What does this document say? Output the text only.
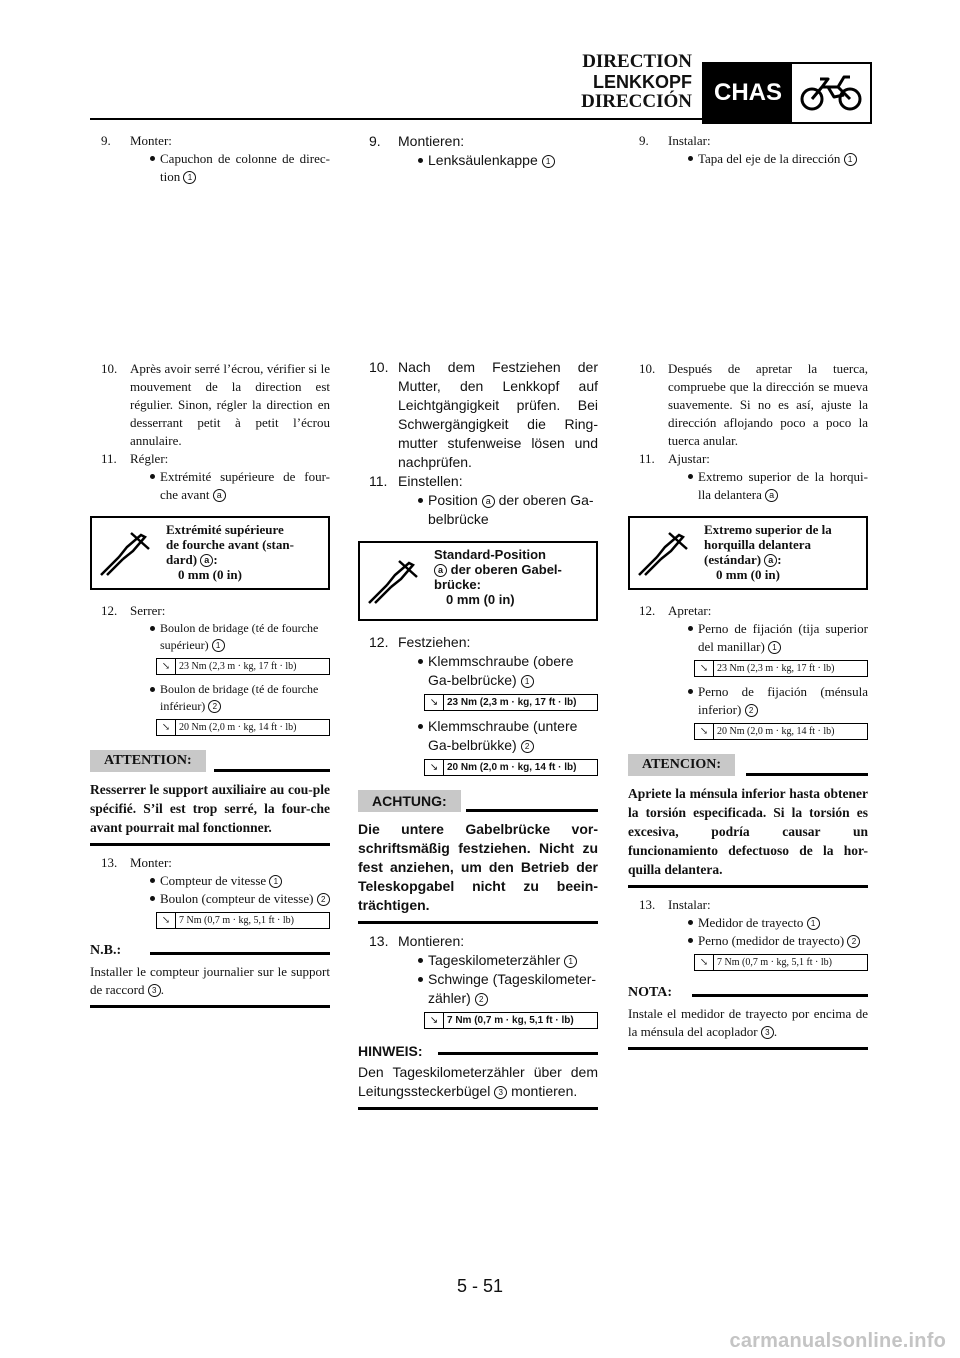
DIRECTION
LENKKOPF
DIRECCIÓN CHAS
9. Monter:
Capuchon de colonne de direc-tion 1
10. Après avoir serré l’écrou, vérifier si le mouvement de la direction est régulier. Sinon, régler la direction en desserrant petit à petit l’écrou annulaire.
11. Régler:
Extrémité supérieure de four-che avant a
Extrémité supérieure
de fourche avant (stan-
dard) a :
0 mm (0 in)
12. Serrer:
Boulon de bridage (té de fourche supérieur) 1
↘ 23 Nm (2,3 m · kg, 17 ft · lb)
Boulon de bridage (té de fourche inférieur) 2
↘ 20 Nm (2,0 m · kg, 14 ft · lb)
ATTENTION:
Resserrer le support auxiliaire au cou-ple spécifié. S’il est trop serré, la four-che avant pourrait mal fonctionner.
13. Monter:
Compteur de vitesse 1
Boulon (compteur de vitesse) 2
↘ 7 Nm (0,7 m · kg, 5,1 ft · lb)
N.B.:
Installer le compteur journalier sur le support de raccord 3 .
9. Montieren:
Lenksäulenkappe 1
10. Nach dem Festziehen der Mutter, den Lenkkopf auf Leichtgängigkeit prüfen. Bei Schwergängigkeit die Ring-mutter stufenweise lösen und nachprüfen.
11. Einstellen:
Position a der oberen Ga-belbrücke
Standard-Position
a der oberen Gabel-
brücke:
0 mm (0 in)
12. Festziehen:
Klemmschraube (obere Ga-belbrücke) 1
↘ 23 Nm (2,3 m · kg, 17 ft · lb)
Klemmschraube (untere Ga-belbrükke) 2
↘ 20 Nm (2,0 m · kg, 14 ft · lb)
ACHTUNG:
Die untere Gabelbrücke vor-schriftsmäßig festziehen. Nicht zu fest anziehen, um den Betrieb der Teleskopgabel nicht zu beein-trächtigen.
13. Montieren:
Tageskilometerzähler 1
Schwinge (Tageskilometer-zähler) 2
↘ 7 Nm (0,7 m · kg, 5,1 ft · lb)
HINWEIS:
Den Tageskilometerzähler über dem Leitungssteckerbügel 3 montieren.
9. Instalar:
Tapa del eje de la dirección 1
10. Después de apretar la tuerca, compruebe que la dirección se mueva suavemente. Si no es así, ajuste la dirección aflojando poco a poco la tuerca anular.
11. Ajustar:
Extremo superior de la horqui-lla delantera a
Extremo superior de la
horquilla delantera
(estándar) a :
0 mm (0 in)
12. Apretar:
Perno de fijación (tija superior del manillar) 1
↘ 23 Nm (2,3 m · kg, 17 ft · lb)
Perno de fijación (ménsula inferior) 2
↘ 20 Nm (2,0 m · kg, 14 ft · lb)
ATENCION:
Apriete la ménsula inferior hasta obtener la torsión especificada. Si la torsión es excesiva, podría causar un funcionamiento defectuoso de la hor-quilla delantera.
13. Instalar:
Medidor de trayecto 1
Perno (medidor de trayecto) 2
↘ 7 Nm (0,7 m · kg, 5,1 ft · lb)
NOTA:
Instale el medidor de trayecto por encima de la ménsula del acoplador 3 .
5 - 51
carmanualsonline.info
